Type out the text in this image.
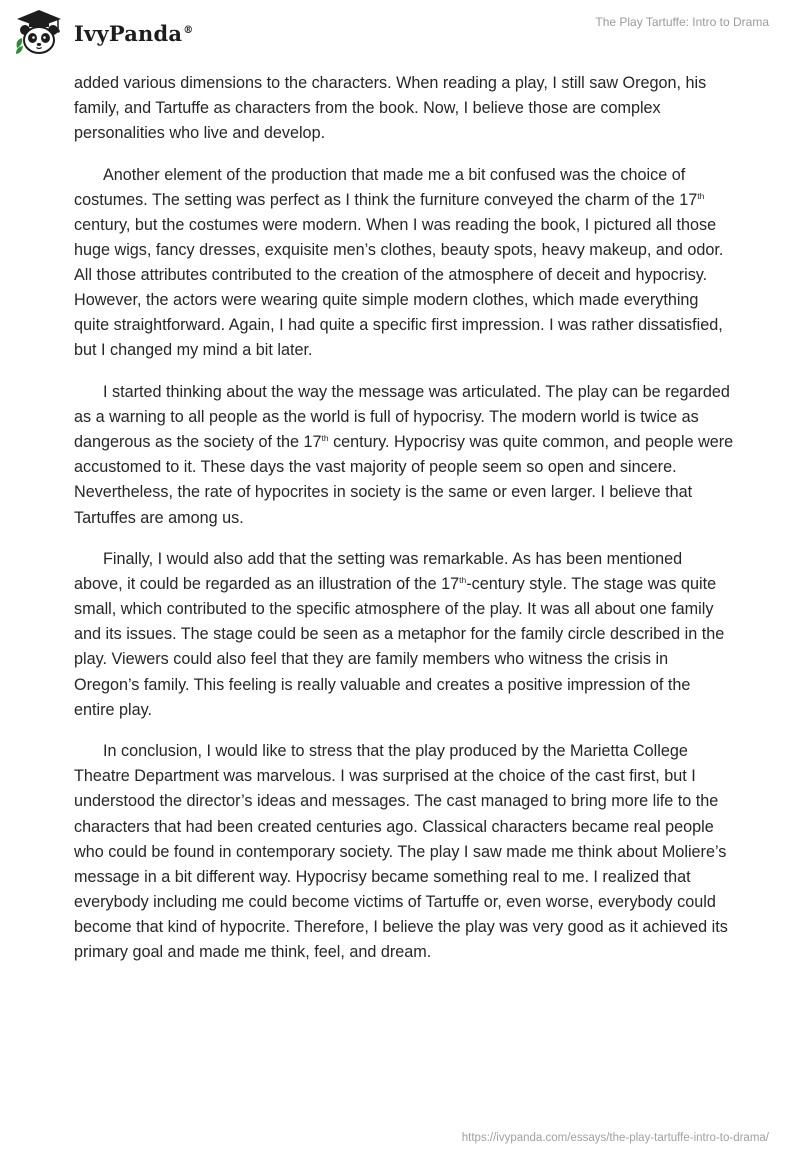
IvyPanda®
The Play Tartuffe: Intro to Drama

added various dimensions to the characters. When reading a play, I still saw Oregon, his family, and Tartuffe as characters from the book. Now, I believe those are complex personalities who live and develop.

Another element of the production that made me a bit confused was the choice of costumes. The setting was perfect as I think the furniture conveyed the charm of the 17th century, but the costumes were modern. When I was reading the book, I pictured all those huge wigs, fancy dresses, exquisite men’s clothes, beauty spots, heavy makeup, and odor. All those attributes contributed to the creation of the atmosphere of deceit and hypocrisy. However, the actors were wearing quite simple modern clothes, which made everything quite straightforward. Again, I had quite a specific first impression. I was rather dissatisfied, but I changed my mind a bit later.

I started thinking about the way the message was articulated. The play can be regarded as a warning to all people as the world is full of hypocrisy. The modern world is twice as dangerous as the society of the 17th century. Hypocrisy was quite common, and people were accustomed to it. These days the vast majority of people seem so open and sincere. Nevertheless, the rate of hypocrites in society is the same or even larger. I believe that Tartuffes are among us.

Finally, I would also add that the setting was remarkable. As has been mentioned above, it could be regarded as an illustration of the 17th-century style. The stage was quite small, which contributed to the specific atmosphere of the play. It was all about one family and its issues. The stage could be seen as a metaphor for the family circle described in the play. Viewers could also feel that they are family members who witness the crisis in Oregon’s family. This feeling is really valuable and creates a positive impression of the entire play.

In conclusion, I would like to stress that the play produced by the Marietta College Theatre Department was marvelous. I was surprised at the choice of the cast first, but I understood the director’s ideas and messages. The cast managed to bring more life to the characters that had been created centuries ago. Classical characters became real people who could be found in contemporary society. The play I saw made me think about Moliere’s message in a bit different way. Hypocrisy became something real to me. I realized that everybody including me could become victims of Tartuffe or, even worse, everybody could become that kind of hypocrite. Therefore, I believe the play was very good as it achieved its primary goal and made me think, feel, and dream.

https://ivypanda.com/essays/the-play-tartuffe-intro-to-drama/
